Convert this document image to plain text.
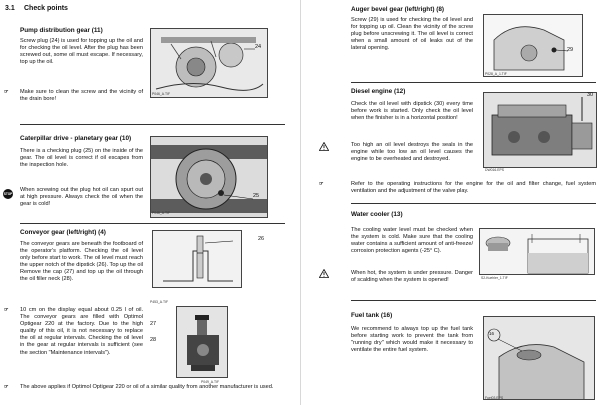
3.1 Check points
Pump distribution gear (11)
Screw plug (24) is used for topping up the oil and for checking the oil level. After the plug has been screwed out, some oil must escape. If necessary, top up the oil.
24
P046_A.TIF
☞ Make sure to clean the screw and the vicinity of the drain bore!
Caterpillar drive - planetary gear (10)
There is a checking plug (25) on the inside of the gear. The oil level is correct if oil escapes from the inspection hole.
25
P048_A.TIF
STOP
When screwing out the plug hot oil can spurt out at high pressure. Always check the oil when the gear is cold!
Conveyor gear (left/right) (4)
The conveyor gears are beneath the footboard of the operator's platform. Checking the oil level only before start to work. The oil level must reach the upper notch of the dipstick (26). Top up the oil Remove the cap (27) and top up the oil through the oil filler neck (28).
26
P453_A.TIF
27
28
P049_A.TIF
☞ 10 cm on the display equal about 0.25 l of oil. The conveyor gears are filled with Optimol Optigear 220 at the factory. Due to the high quality of this oil, it is not necessary to replace the oil at regular intervals. Checking the oil level in the gear at regular intervals is sufficient (see the section "Maintenance intervals").
☞ The above applies if Optimol Optigear 220 or oil of a similar quality from another manufacturer is used.
Auger bevel gear (left/right) (8)
Screw (29) is used for checking the oil level and for topping up oil. Clean the vicinity of the screw plug before unscrewing it. The oil level is correct when a small amount of oil leaks out of the lateral opening.	29
P028_A_1.TIF
Diesel engine (12)
Check the oil level with dipstick (30) every time before work is started. Only check the oil level when the finisher is in a horizontal position!
30
DW016.EPS
Too high an oil level destroys the seals in the engine while too low an oil level causes the engine to be overheated and destroyed.
☞	Refer to the operating instructions for the engine for the oil and filter change, fuel system ventilation and the adjustment of the valve play.
Water cooler (13)
The cooling water level must be checked when the system is cold. Make sure that the cooling water contains a sufficient amount of anti-freeze/ corrosion protection agents (-25° C).
S2-Kuehler_1.TIF
When hot, the system is under pressure. Danger of scalding when the system is opened!
Fuel tank (16)
We recommend to always top up the fuel tank before starting work to prevent the tank from "running dry" which would make it necessary to ventilate the entire fuel system.
16
Fuel03.EPS
